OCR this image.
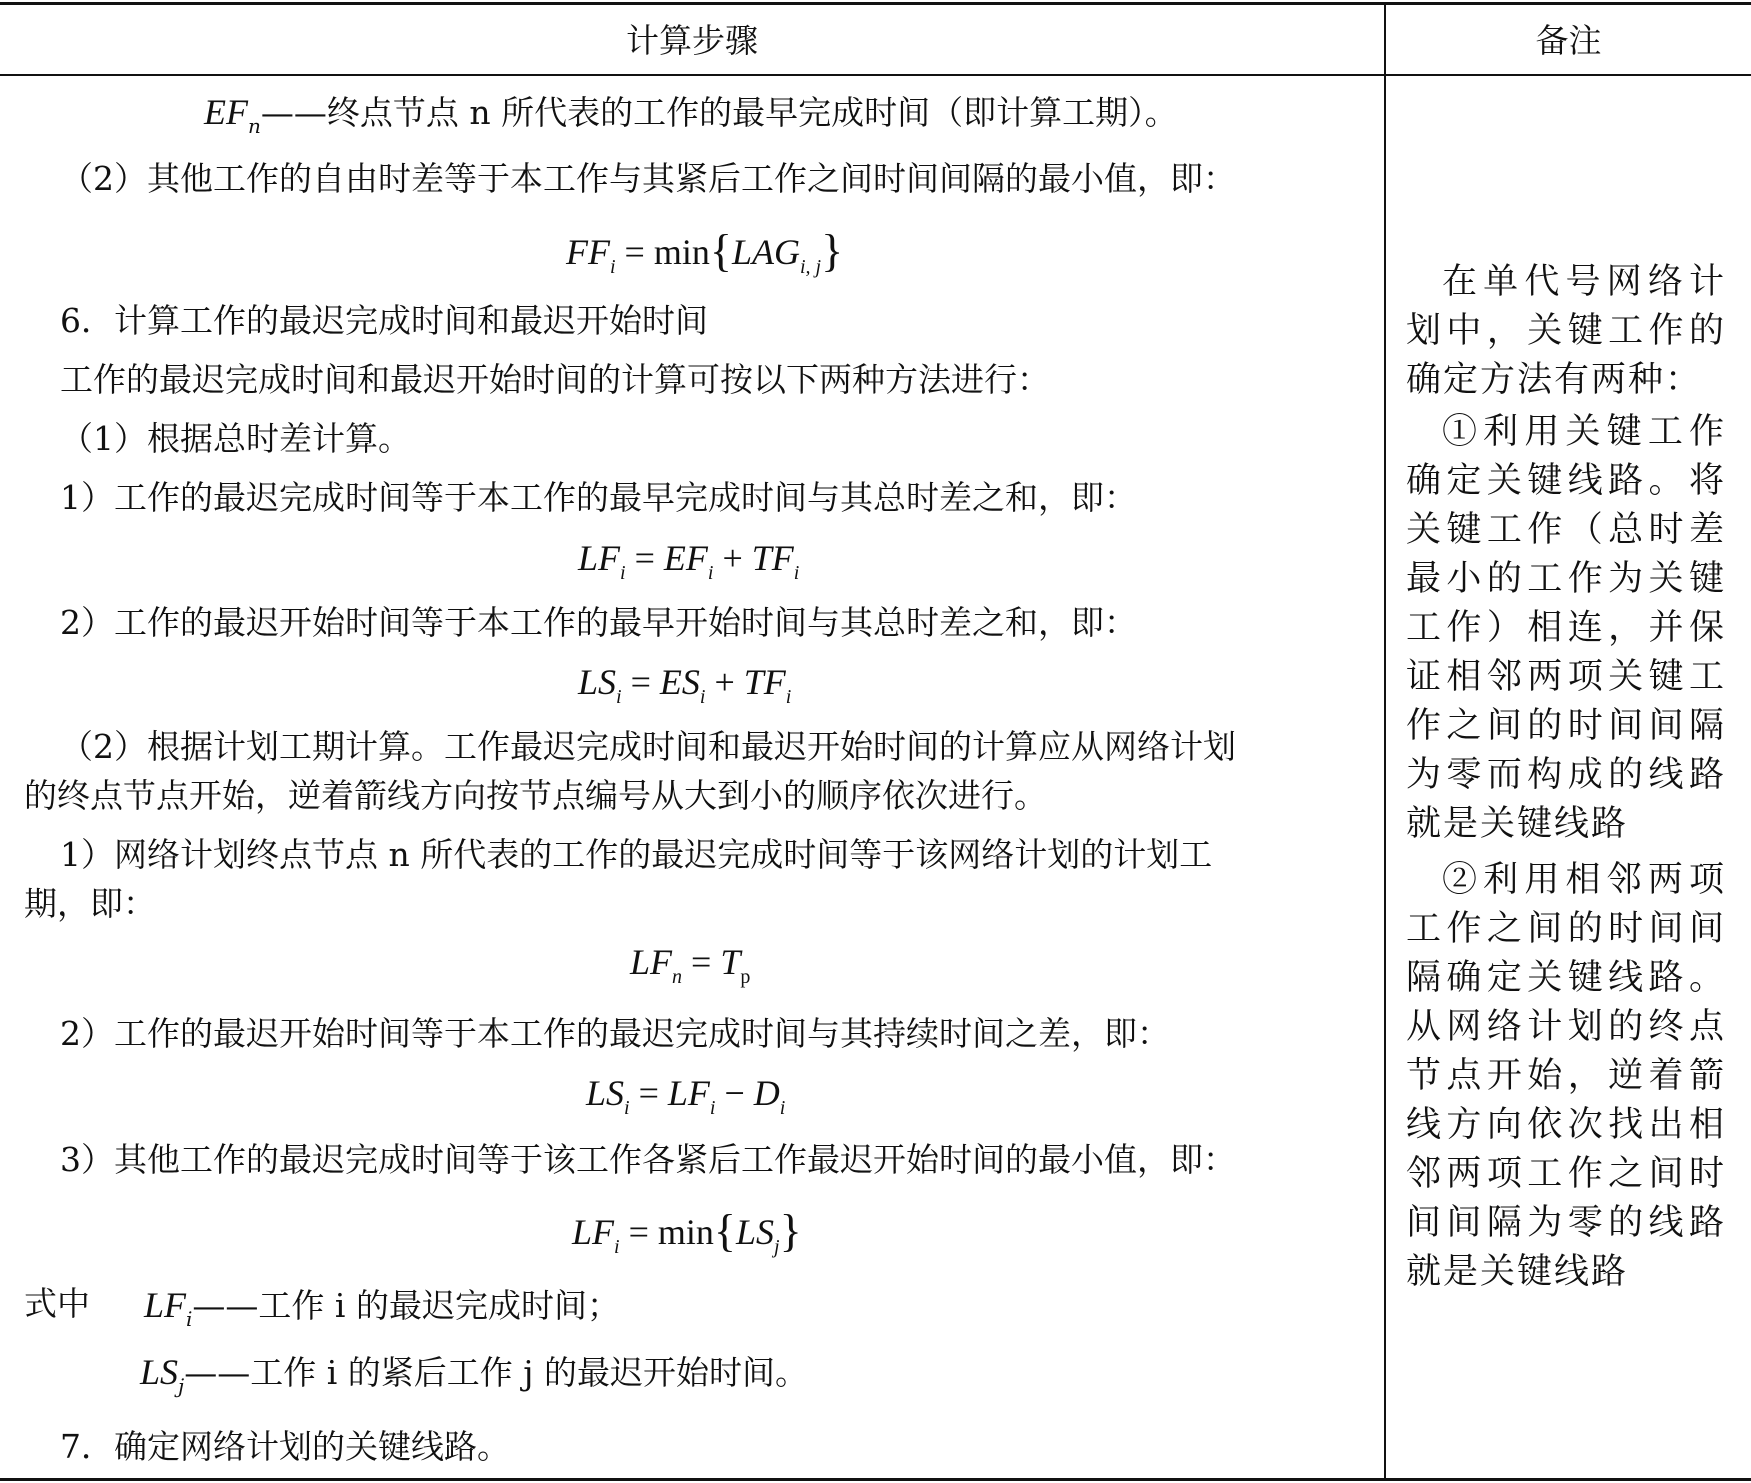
计算步骤	备注
$EF_n——$终点节点 n 所代表的工作的最早完成时间（即计算工期）。
（2）其他工作的自由时差等于本工作与其紧后工作之间时间间隔的最小值，即：
$FF_i = \min\{LAG_{i, j}\}$
6．计算工作的最迟完成时间和最迟开始时间
工作的最迟完成时间和最迟开始时间的计算可按以下两种方法进行：
（1）根据总时差计算。
1）工作的最迟完成时间等于本工作的最早完成时间与其总时差之和，即：
$LF_i = EF_i + TF_i$
2）工作的最迟开始时间等于本工作的最早开始时间与其总时差之和，即：
$LS_i = ES_i + TF_i$
（2）根据计划工期计算。工作最迟完成时间和最迟开始时间的计算应从网络计划
的终点节点开始，逆着箭线方向按节点编号从大到小的顺序依次进行。
1）网络计划终点节点 n 所代表的工作的最迟完成时间等于该网络计划的计划工
期，即：
$LF_n = T_p$
2）工作的最迟开始时间等于本工作的最迟完成时间与其持续时间之差，即：
$LS_i = LF_i - D_i$
3）其他工作的最迟完成时间等于该工作各紧后工作最迟开始时间的最小值，即：
$LF_i = \min\{LS_j\}$
式中 $LF_i——$工作 i 的最迟完成时间；
$LS_j——$工作 i 的紧后工作 j 的最迟开始时间。
7．确定网络计划的关键线路。
在单代号网络计划中，关键工作的确定方法有两种：
①利用关键工作确定关键线路。将关键工作（总时差最小的工作为关键工作）相连，并保证相邻两项关键工作之间的时间间隔为零而构成的线路就是关键线路
②利用相邻两项工作之间的时间间隔确定关键线路。从网络计划的终点节点开始，逆着箭线方向依次找出相邻两项工作之间时间间隔为零的线路就是关键线路
